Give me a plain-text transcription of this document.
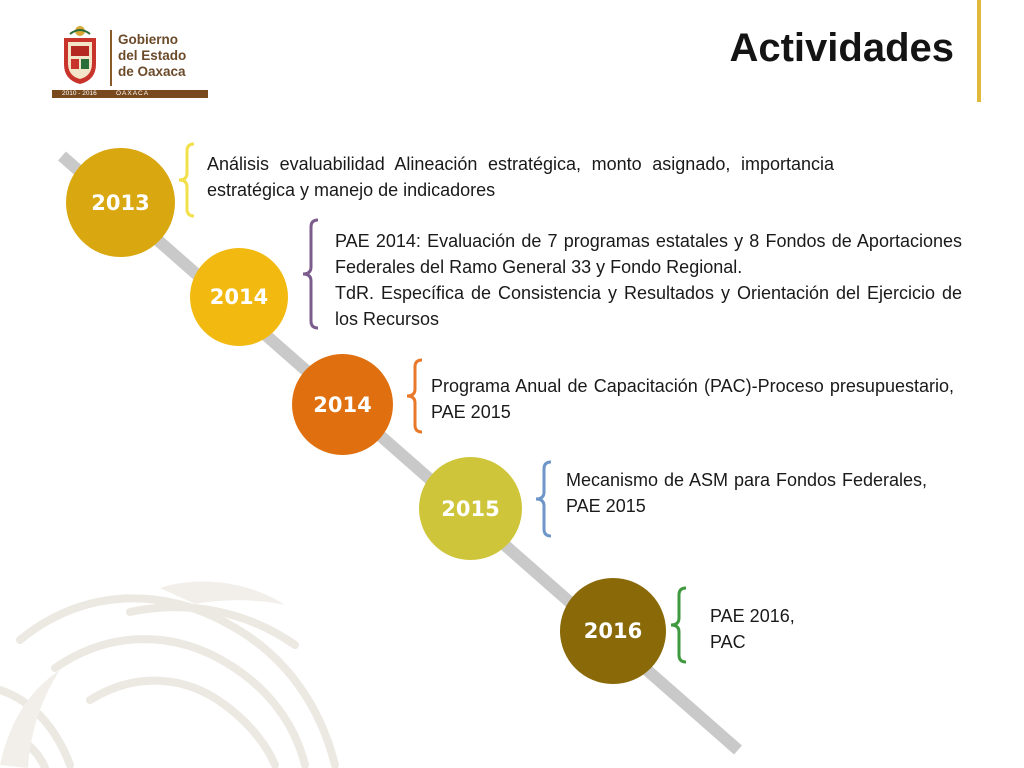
Gobierno
del Estado
de Oaxaca
2010 - 2016	OAXACA
Actividades
2013
Análisis evaluabilidad Alineación estratégica, monto asignado, importancia estratégica y manejo de indicadores
2014
PAE 2014: Evaluación de 7 programas estatales y 8 Fondos de Aportaciones Federales del Ramo General 33 y Fondo Regional.
TdR. Específica de Consistencia y Resultados y Orientación del Ejercicio de los Recursos
2014
Programa Anual de Capacitación (PAC)-Proceso presupuestario, PAE 2015
2015
Mecanismo de ASM para Fondos Federales, PAE 2015
2016
PAE 2016,
PAC
